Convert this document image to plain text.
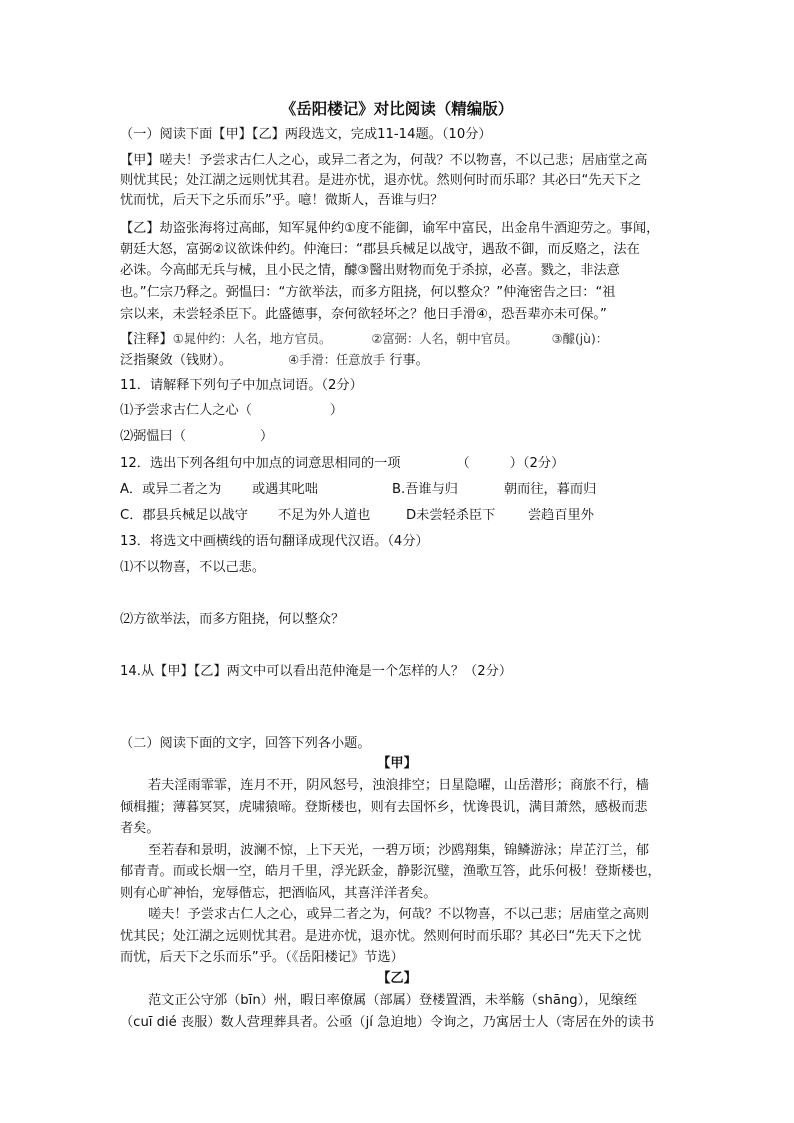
《岳阳楼记》对比阅读（精编版）
（一）阅读下面【甲】【乙】两段选文，完成11-14题。（10分）
【甲】嗟夫！予尝求古仁人之心，或异二者之为，何哉？不以物喜，不以己悲；居庙堂之高
则忧其民；处江湖之远则忧其君。是进亦忧，退亦忧。然则何时而乐耶？其必曰“先天下之
忧而忧，后天下之乐而乐”乎。噫！微斯人，吾谁与归？
【乙】劫盗张海将过高邮，知军晁仲约①度不能御，谕军中富民，出金帛牛酒迎劳之。事闻，
朝廷大怒，富弼②议欲诛仲约。仲淹曰：“郡县兵械足以战守，遇敌不御，而反赂之，法在
必诛。今高邮无兵与械，且小民之情，醵③醫出财物而免于杀掠，必喜。戮之，非法意
也。”仁宗乃释之。弼愠曰：“方欲举法，而多方阻挠，何以整众？”仲淹密告之曰：“祖
宗以来，未尝轻杀臣下。此盛德事，奈何欲轻坏之？他日手滑④，恐吾辈亦未可保。”
【注释】①晁仲约：人名，地方官员。	②富弼：人名，朝中官员。	③醵(jù)：
泛指聚敛（钱财）。	④手滑：任意放手 行事。
11．请解释下列句子中加点词语。（2分）
⑴予尝求古仁人之心（	）
⑵弼愠曰（	）
12．选出下列各组句中加点的词意思相同的一项	（	）（2分）
A．或异二者之为 或遇其叱咄	B.吾谁与归	朝而往，暮而归
C．郡县兵械足以战守 不足为外人道也	D未尝轻杀臣下 尝趋百里外
13．将选文中画横线的语句翻译成现代汉语。（4分）
⑴不以物喜，不以己悲。
⑵方欲举法，而多方阻挠，何以整众？
14.从【甲】【乙】两文中可以看出范仲淹是一个怎样的人？（2分）
（二）阅读下面的文字，回答下列各小题。
【甲】
若夫淫雨霏霏，连月不开，阴风怒号，浊浪排空；日星隐曜，山岳潜形；商旅不行，樯
倾楫摧；薄暮冥冥，虎啸猿啼。登斯楼也，则有去国怀乡，忧谗畏讥，满目萧然，感极而悲
者矣。
至若春和景明，波澜不惊，上下天光，一碧万顷；沙鸥翔集，锦鳞游泳；岸芷汀兰，郁
郁青青。而或长烟一空，皓月千里，浮光跃金，静影沉璧，渔歌互答，此乐何极！登斯楼也，
则有心旷神怡，宠辱偕忘，把酒临风，其喜洋洋者矣。
嗟夫！予尝求古仁人之心，或异二者之为，何哉？不以物喜，不以己悲；居庙堂之高则
忧其民；处江湖之远则忧其君。是进亦忧，退亦忧。然则何时而乐耶？其必曰“先天下之忧
而忧，后天下之乐而乐”乎。（《岳阳楼记》节选）
【乙】
范文正公守邠（bīn）州，暇日率僚属（部属）登楼置酒，未举觞（shāng），见缞绖
（cuī dié 丧服）数人营理葬具者。公亟（jí 急迫地）令询之，乃寓居士人（寄居在外的读书
